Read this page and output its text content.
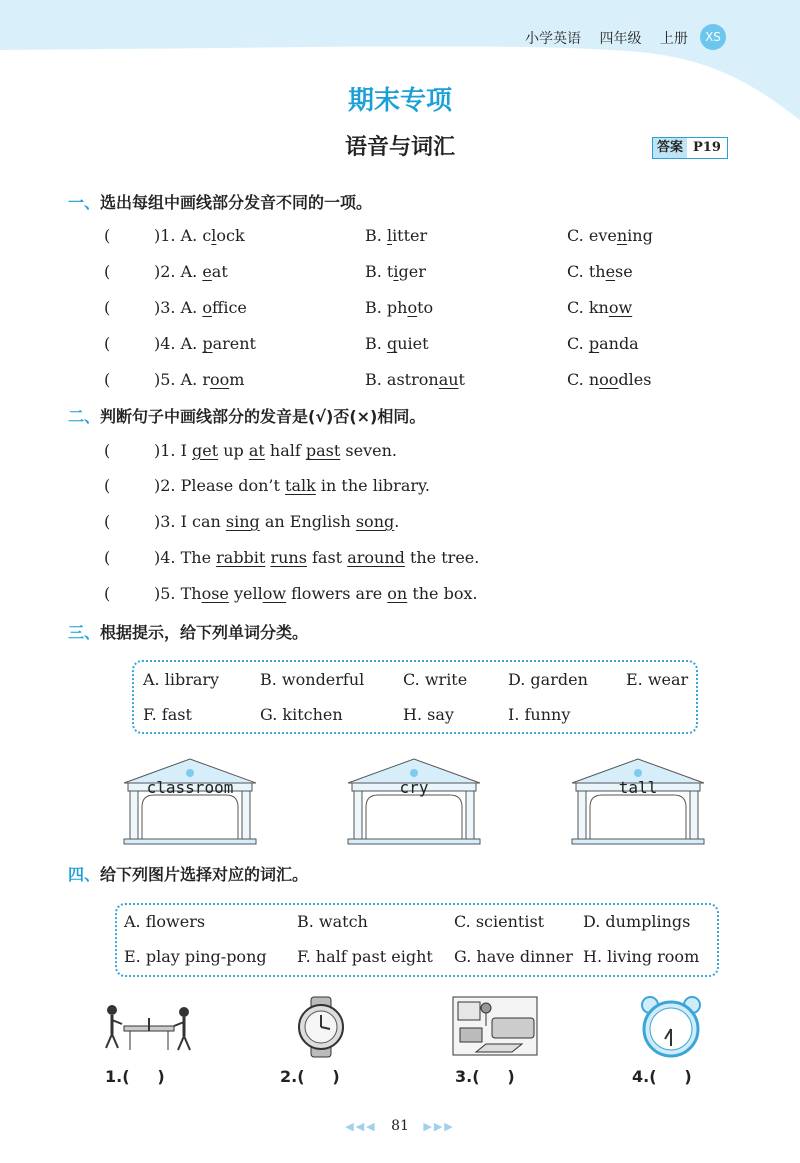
小学英语 四年级 上册	XS
期末专项
语音与词汇	答案 P19
一、选出每组中画线部分发音不同的一项。
(	)1. A. clock	B. litter	C. evening
(	)2. A. eat	B. tiger	C. these
(	)3. A. office	B. photo	C. know
(	)4. A. parent	B. quiet	C. panda
(	)5. A. room	B. astronaut	C. noodles
二、判断句子中画线部分的发音是(√)否(×)相同。
(	)1. I get up at half past seven.
(	)2. Please don’t talk in the library.
(	)3. I can sing an English song.
(	)4. The rabbit runs fast around the tree.
(	)5. Those yellow flowers are on the box.
三、根据提示，给下列单词分类。
A. library	B. wonderful C. write	D. garden E. wear
F. fast	G. kitchen	H. say	I. funny
classroom	cry	tall
四、给下列图片选择对应的词汇。
A. flowers	B. watch	C. scientist D. dumplings
E. play ping-pong F. half past eight G. have dinner H. living room
1.(     )	2.(     )	3.(     )	4.(     )
◀◀◀ 81 ▶▶▶
